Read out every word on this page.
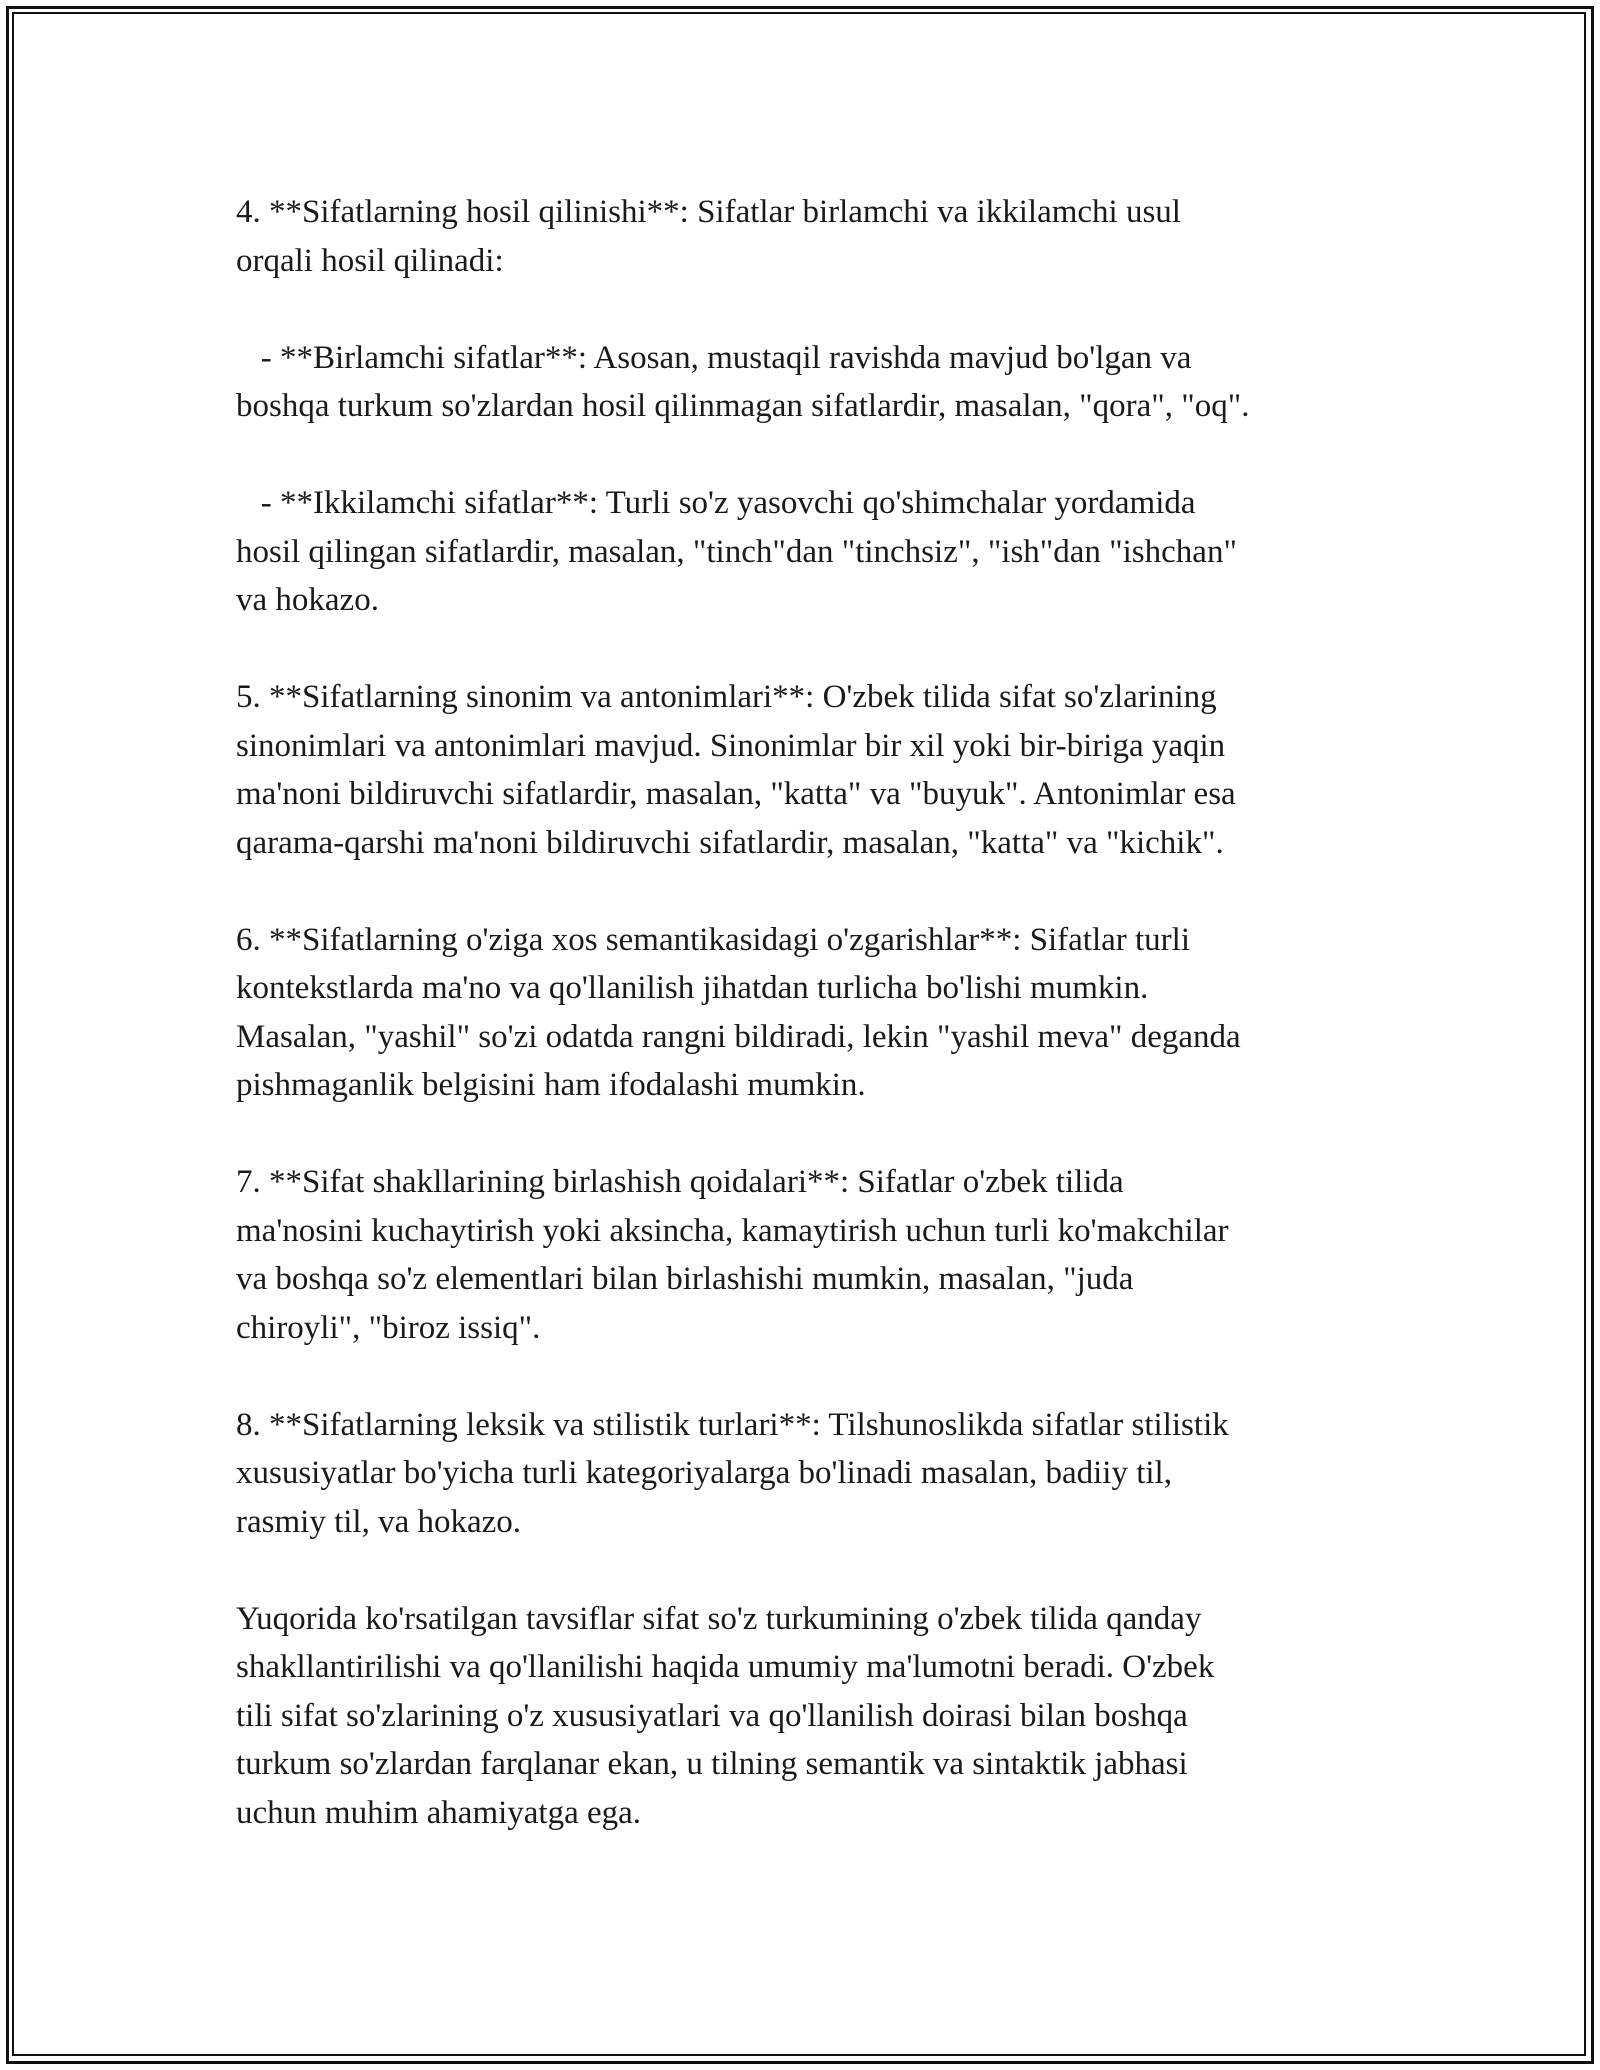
4. **Sifatlarning hosil qilinishi**: Sifatlar birlamchi va ikkilamchi usul
orqali hosil qilinadi:

- **Birlamchi sifatlar**: Asosan, mustaqil ravishda mavjud bo'lgan va
boshqa turkum so'zlardan hosil qilinmagan sifatlardir, masalan, "qora", "oq".

- **Ikkilamchi sifatlar**: Turli so'z yasovchi qo'shimchalar yordamida
hosil qilingan sifatlardir, masalan, "tinch"dan "tinchsiz", "ish"dan "ishchan"
va hokazo.

5. **Sifatlarning sinonim va antonimlari**: O'zbek tilida sifat so'zlarining
sinonimlari va antonimlari mavjud. Sinonimlar bir xil yoki bir-biriga yaqin
ma'noni bildiruvchi sifatlardir, masalan, "katta" va "buyuk". Antonimlar esa
qarama-qarshi ma'noni bildiruvchi sifatlardir, masalan, "katta" va "kichik".

6. **Sifatlarning o'ziga xos semantikasidagi o'zgarishlar**: Sifatlar turli
kontekstlarda ma'no va qo'llanilish jihatdan turlicha bo'lishi mumkin.
Masalan, "yashil" so'zi odatda rangni bildiradi, lekin "yashil meva" deganda
pishmaganlik belgisini ham ifodalashi mumkin.

7. **Sifat shakllarining birlashish qoidalari**: Sifatlar o'zbek tilida
ma'nosini kuchaytirish yoki aksincha, kamaytirish uchun turli ko'makchilar
va boshqa so'z elementlari bilan birlashishi mumkin, masalan, "juda
chiroyli", "biroz issiq".

8. **Sifatlarning leksik va stilistik turlari**: Tilshunoslikda sifatlar stilistik
xususiyatlar bo'yicha turli kategoriyalarga bo'linadi masalan, badiiy til,
rasmiy til, va hokazo.

Yuqorida ko'rsatilgan tavsiflar sifat so'z turkumining o'zbek tilida qanday
shakllantirilishi va qo'llanilishi haqida umumiy ma'lumotni beradi. O'zbek
tili sifat so'zlarining o'z xususiyatlari va qo'llanilish doirasi bilan boshqa
turkum so'zlardan farqlanar ekan, u tilning semantik va sintaktik jabhasi
uchun muhim ahamiyatga ega.
